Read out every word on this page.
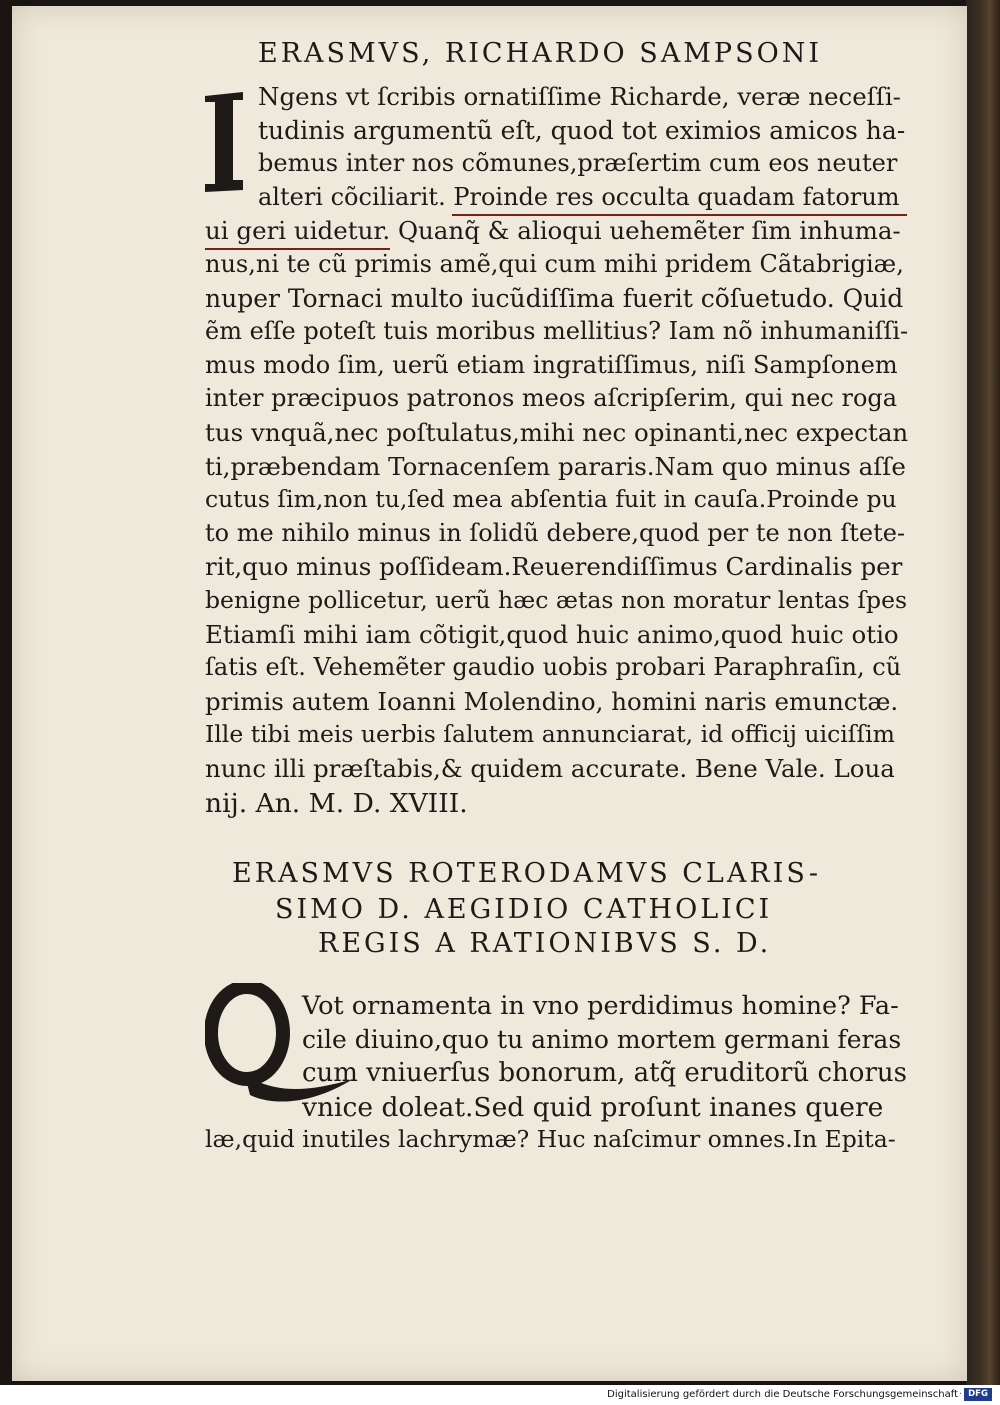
ERASMVS, RICHARDO SAMPSONI
Ngens vt ſcribis ornatiſſime Richarde, veræ neceſſi-
tudinis argumentũ eſt, quod tot eximios amicos ha-
bemus inter nos cõmunes,præſertim cum eos neuter
alteri cõciliarit. Proinde res occulta quadam fatorum
ui geri uidetur. Quanq̃ & alioqui uehemẽter ſim inhuma-
nus,ni te cũ primis amẽ,qui cum mihi pridem Cãtabrigiæ,
nuper Tornaci multo iucũdiſſima fuerit cõſuetudo. Quid
ẽm eſſe poteſt tuis moribus mellitius? Iam nõ inhumaniſſi-
mus modo ſim, uerũ etiam ingratiſſimus, niſi Sampſonem
inter præcipuos patronos meos aſcripſerim, qui nec roga
tus vnquã,nec poſtulatus,mihi nec opinanti,nec expectan
ti,præbendam Tornacenſem pararis.Nam quo minus aſſe
cutus ſim,non tu,ſed mea abſentia fuit in cauſa.Proinde pu
to me nihilo minus in ſolidũ debere,quod per te non ſtete-
rit,quo minus poſſideam.Reuerendiſſimus Cardinalis per
benigne pollicetur, uerũ hæc ætas non moratur lentas ſpes
Etiamſi mihi iam cõtigit,quod huic animo,quod huic otio
ſatis eſt. Vehemẽter gaudio uobis probari Paraphraſin, cũ
primis autem Ioanni Molendino, homini naris emunctæ.
Ille tibi meis uerbis ſalutem annunciarat, id officij uiciſſim
nunc illi præſtabis,& quidem accurate. Bene Vale. Loua
nij. An. M. D. XVIII.
ERASMVS ROTERODAMVS CLARIS-
SIMO D. AEGIDIO CATHOLICI
REGIS A RATIONIBVS S. D.
Vot ornamenta in vno perdidimus homine? Fa-
cile diuino,quo tu animo mortem germani feras
cum vniuerſus bonorum, atq̃ eruditorũ chorus
vnice doleat.Sed quid proſunt inanes quere
læ,quid inutiles lachrymæ? Huc naſcimur omnes.In Epita-
Digitalisierung gefördert durch die Deutsche Forschungsgemeinschaft · DFG
